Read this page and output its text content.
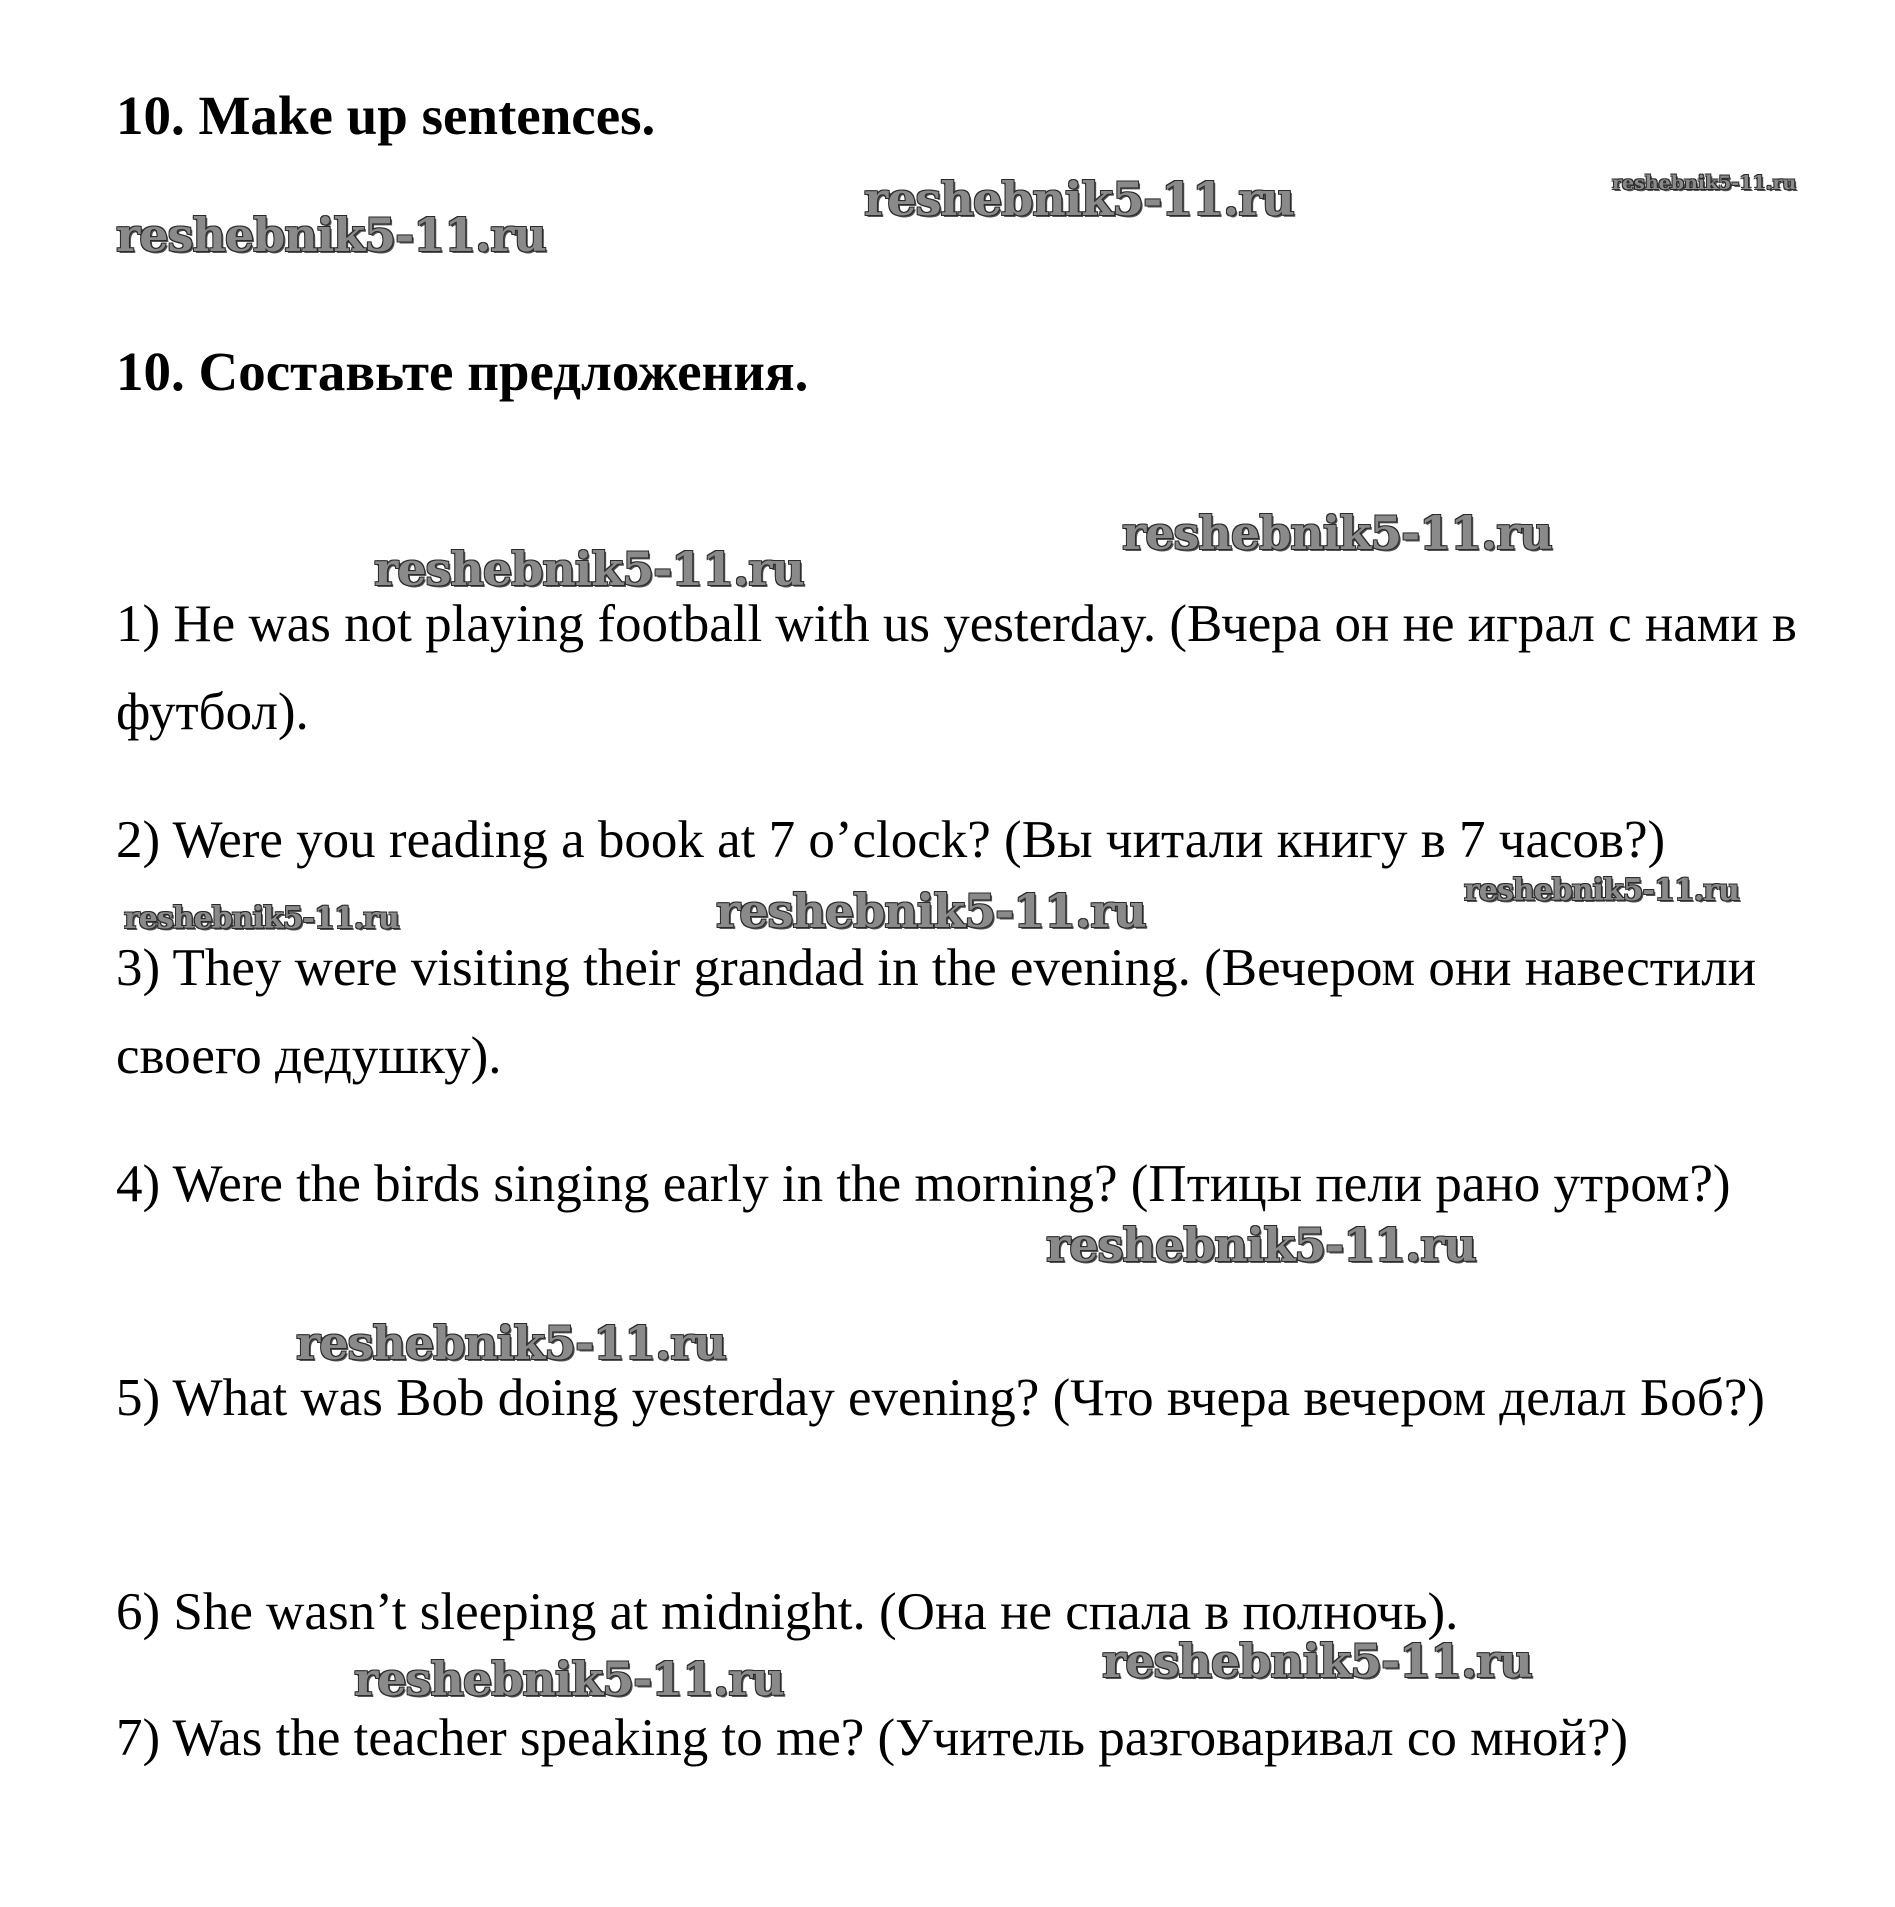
10. Make up sentences.
10. Составьте предложения.
reshebnik5-11.ru
reshebnik5-11.ru
reshebnik5-11.ru
reshebnik5-11.ru
reshebnik5-11.ru
reshebnik5-11.ru	reshebnik5-11.ru	reshebnik5-11.ru
reshebnik5-11.ru
reshebnik5-11.ru
reshebnik5-11.ru
reshebnik5-11.ru

1) He was not playing football with us yesterday. (Вчера он не играл с нами в футбол).

2) Were you reading a book at 7 o’clock? (Вы читали книгу в 7 часов?)

3) They were visiting their grandad in the evening. (Вечером они навестили своего дедушку).

4) Were the birds singing early in the morning? (Птицы пели рано утром?)

5) What was Bob doing yesterday evening? (Что вчера вечером делал Боб?)

6) She wasn’t sleeping at midnight. (Она не спала в полночь).

7) Was the teacher speaking to me? (Учитель разговаривал со мной?)
